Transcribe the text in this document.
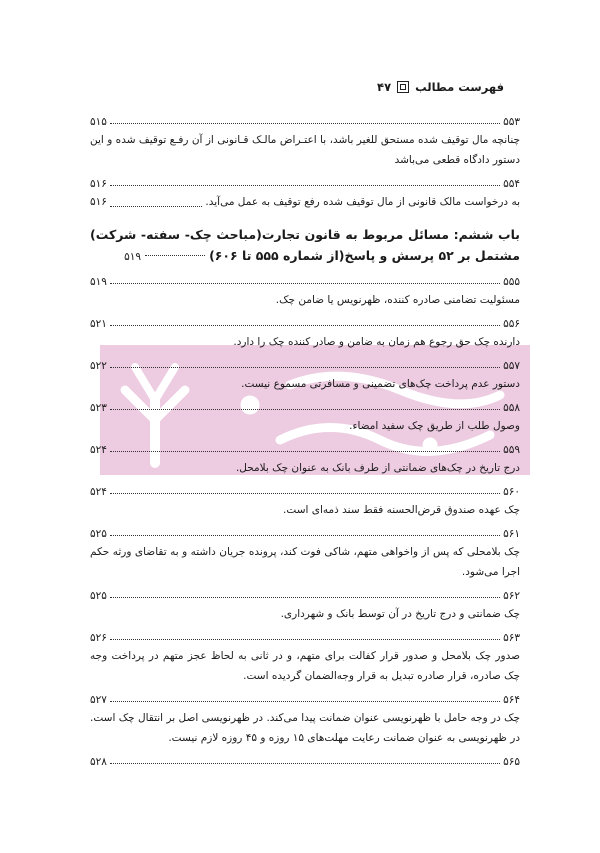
فهرست مطالب
۴۷
۵۵۳
۵۱۵
چنانچه مال توقیف شده مستحق للغیر باشد، با اعتـراض مالـک قـانونی از آن رفـع توقیف شده و این دستور دادگاه قطعی می‌باشد
۵۵۴
۵۱۶
به درخواست مالک قانونی از مال توقیف شده رفع توقیف به عمل می‌آید.
۵۱۶
باب ششم: مسائل مربوط به قانون تجارت(مباحث چک- سفته- شرکت) مشتمل بر ۵۲ پرسش و پاسخ(از شماره ۵۵۵ تا ۶۰۶)۵۱۹
۵۵۵
۵۱۹
مسئولیت تضامنی صادره کننده، ظهرنویس یا ضامن چک.
۵۵۶
۵۲۱
دارنده چک حق رجوع هم زمان به ضامن و صادر کننده چک را دارد.
۵۵۷
۵۲۲
دستور عدم پرداخت چک‌های تضمینی و مسافرتی مسموع نیست.
۵۵۸
۵۲۳
وصول طلب از طریق چک سفید امضاء.
۵۵۹
۵۲۴
درج تاریخ در چک‌های ضمانتی از طرف بانک به عنوان چک بلامحل.
۵۶۰
۵۲۴
چک عهده صندوق قرض‌الحسنه فقط سند ذمه‌ای است.
۵۶۱
۵۲۵
چک بلامحلی که پس از واخواهی متهم، شاکی فوت کند، پرونده جریان داشته و به تقاضای ورثه حکم اجرا می‌شود.
۵۶۲
۵۲۵
چک ضمانتی و درج تاریخ در آن توسط بانک و شهرداری.
۵۶۳
۵۲۶
صدور چک بلامحل و صدور قرار کفالت برای متهم، و در ثانی به لحاظ عجز متهم در پرداخت وجه چک صادره، قرار صادره تبدیل به قرار وجه‌الضمان گردیده است.
۵۶۴
۵۲۷
چک در وجه حامل با ظهرنویسی عنوان ضمانت پیدا می‌کند. در ظهرنویسی اصل بر انتقال چک است. در ظهرنویسی به عنوان ضمانت رعایت مهلت‌های ۱۵ روزه و ۴۵ روزه لازم نیست.
۵۶۵
۵۲۸
